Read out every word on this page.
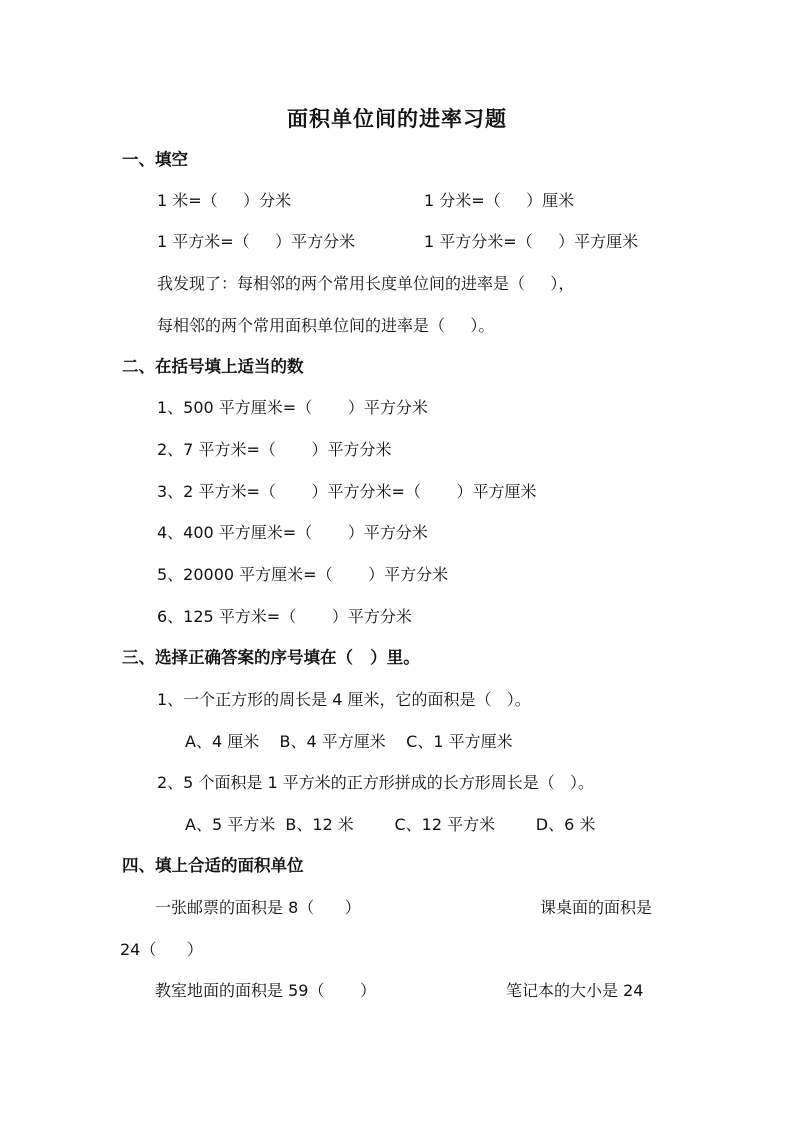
面积单位间的进率习题
一、填空
1 米=（     ）分米	1 分米=（     ）厘米
1 平方米=（     ）平方分米	1 平方分米=（     ）平方厘米
我发现了：每相邻的两个常用长度单位间的进率是（     ），
每相邻的两个常用面积单位间的进率是（     ）。
二、在括号填上适当的数
1、500 平方厘米=（       ）平方分米
2、7 平方米=（       ）平方分米
3、2 平方米=（       ）平方分米=（       ）平方厘米
4、400 平方厘米=（       ）平方分米
5、20000 平方厘米=（       ）平方分米
6、125 平方米=（       ）平方分米
三、选择正确答案的序号填在（   ）里。
1、一个正方形的周长是 4 厘米，它的面积是（   ）。
A、4 厘米    B、4 平方厘米    C、1 平方厘米
2、5 个面积是 1 平方米的正方形拼成的长方形周长是（   ）。
A、5 平方米  B、12 米        C、12 平方米        D、6 米
四、填上合适的面积单位
一张邮票的面积是 8（      ）	课桌面的面积是
24（      ）
教室地面的面积是 59（       ）	笔记本的大小是 24
